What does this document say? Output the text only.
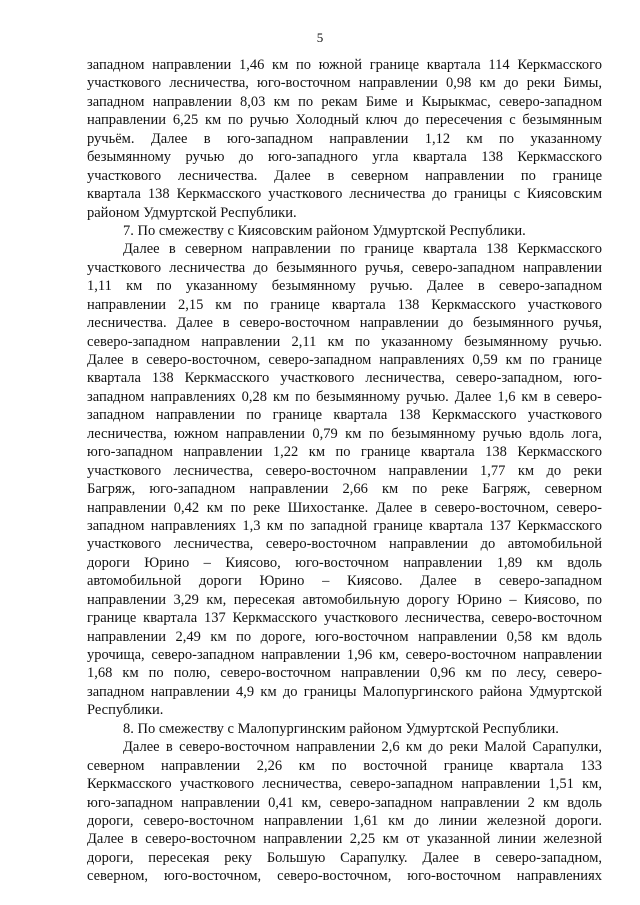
5
западном направлении 1,46 км по южной границе квартала 114 Керкмасского
участкового лесничества, юго-восточном направлении 0,98 км до реки Бимы,
западном направлении 8,03 км по рекам Биме и Кырыкмас, северо-западном
направлении 6,25 км по ручью Холодный ключ до пересечения с безымянным
ручьём. Далее в юго-западном направлении 1,12 км по указанному
безымянному ручью до юго-западного угла квартала 138 Керкмасского
участкового лесничества. Далее в северном направлении по границе
квартала 138 Керкмасского участкового лесничества до границы с Киясовским
районом Удмуртской Республики.
7. По смежеству с Киясовским районом Удмуртской Республики.
Далее в северном направлении по границе квартала 138 Керкмасского
участкового лесничества до безымянного ручья, северо-западном направлении
1,11 км по указанному безымянному ручью. Далее в северо-западном
направлении 2,15 км по границе квартала 138 Керкмасского участкового
лесничества. Далее в северо-восточном направлении до безымянного ручья,
северо-западном направлении 2,11 км по указанному безымянному ручью.
Далее в северо-восточном, северо-западном направлениях 0,59 км по границе
квартала 138 Керкмасского участкового лесничества, северо-западном, юго-
западном направлениях 0,28 км по безымянному ручью. Далее 1,6 км в северо-
западном направлении по границе квартала 138 Керкмасского участкового
лесничества, южном направлении 0,79 км по безымянному ручью вдоль лога,
юго-западном направлении 1,22 км по границе квартала 138 Керкмасского
участкового лесничества, северо-восточном направлении 1,77 км до реки
Багряж, юго-западном направлении 2,66 км по реке Багряж, северном
направлении 0,42 км по реке Шихостанке. Далее в северо-восточном, северо-
западном направлениях 1,3 км по западной границе квартала 137 Керкмасского
участкового лесничества, северо-восточном направлении до автомобильной
дороги Юрино – Киясово, юго-восточном направлении 1,89 км вдоль
автомобильной дороги Юрино – Киясово. Далее в северо-западном
направлении 3,29 км, пересекая автомобильную дорогу Юрино – Киясово, по
границе квартала 137 Керкмасского участкового лесничества, северо-восточном
направлении 2,49 км по дороге, юго-восточном направлении 0,58 км вдоль
урочища, северо-западном направлении 1,96 км, северо-восточном направлении
1,68 км по полю, северо-восточном направлении 0,96 км по лесу, северо-
западном направлении 4,9 км до границы Малопургинского района Удмуртской
Республики.
8. По смежеству с Малопургинским районом Удмуртской Республики.
Далее в северо-восточном направлении 2,6 км до реки Малой Сарапулки,
северном направлении 2,26 км по восточной границе квартала 133
Керкмасского участкового лесничества, северо-западном направлении 1,51 км,
юго-западном направлении 0,41 км, северо-западном направлении 2 км вдоль
дороги, северо-восточном направлении 1,61 км до линии железной дороги.
Далее в северо-восточном направлении 2,25 км от указанной линии железной
дороги, пересекая реку Большую Сарапулку. Далее в северо-западном,
северном, юго-восточном, северо-восточном, юго-восточном направлениях
